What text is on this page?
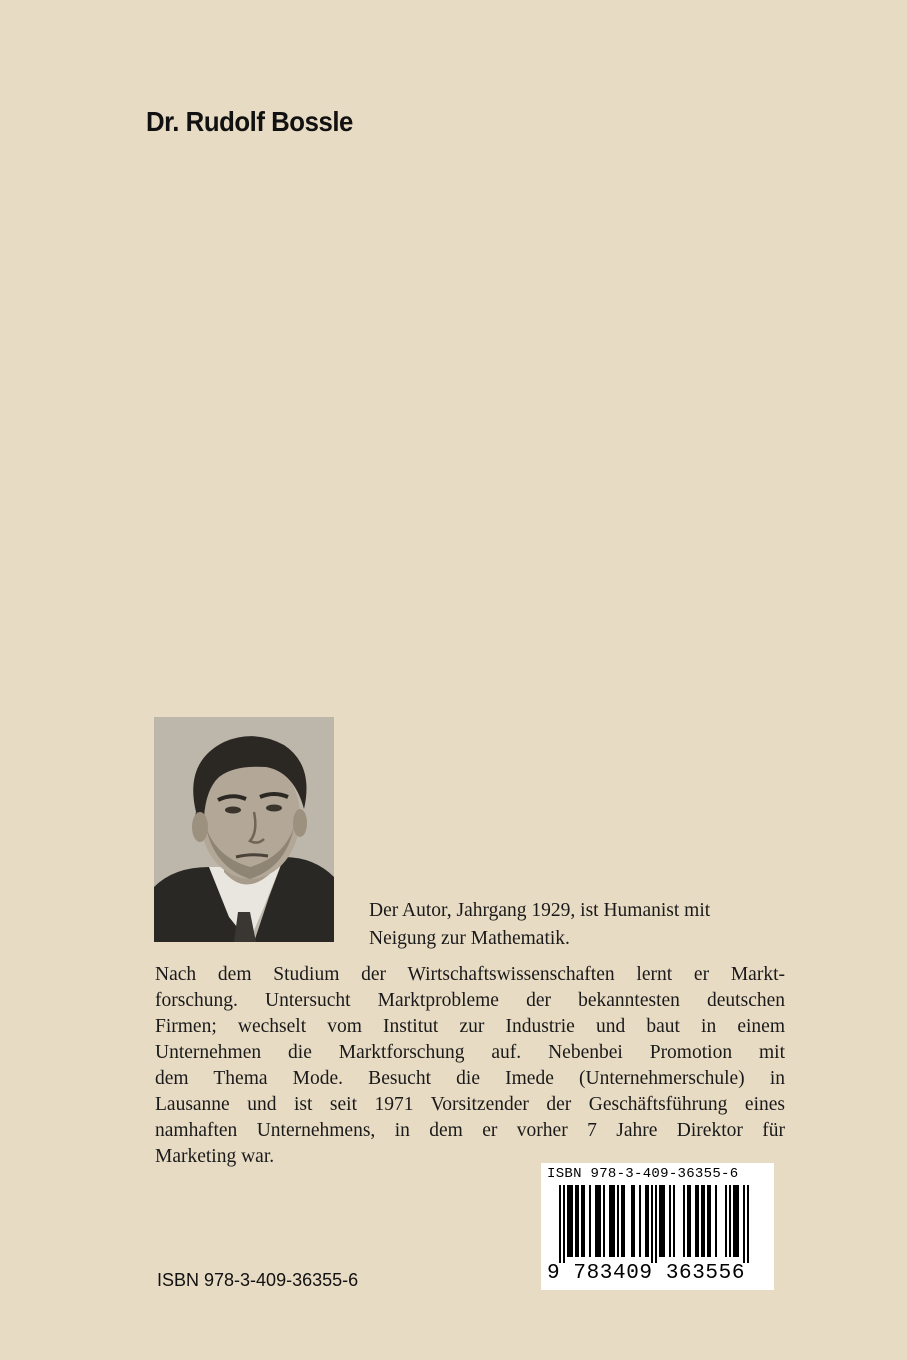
Dr. Rudolf Bossle

Der Autor, Jahrgang 1929, ist Humanist mit
Neigung zur Mathematik.

Nach dem Studium der Wirtschaftswissenschaften lernt er Markt-
forschung. Untersucht Marktprobleme der bekanntesten deutschen
Firmen; wechselt vom Institut zur Industrie und baut in einem
Unternehmen die Marktforschung auf. Nebenbei Promotion mit
dem Thema Mode. Besucht die Imede (Unternehmerschule) in
Lausanne und ist seit 1971 Vorsitzender der Geschäftsführung eines
namhaften Unternehmens, in dem er vorher 7 Jahre Direktor für
Marketing war.

ISBN 978-3-409-36355-6
ISBN 978-3-409-36355-6
9 783409 363556
